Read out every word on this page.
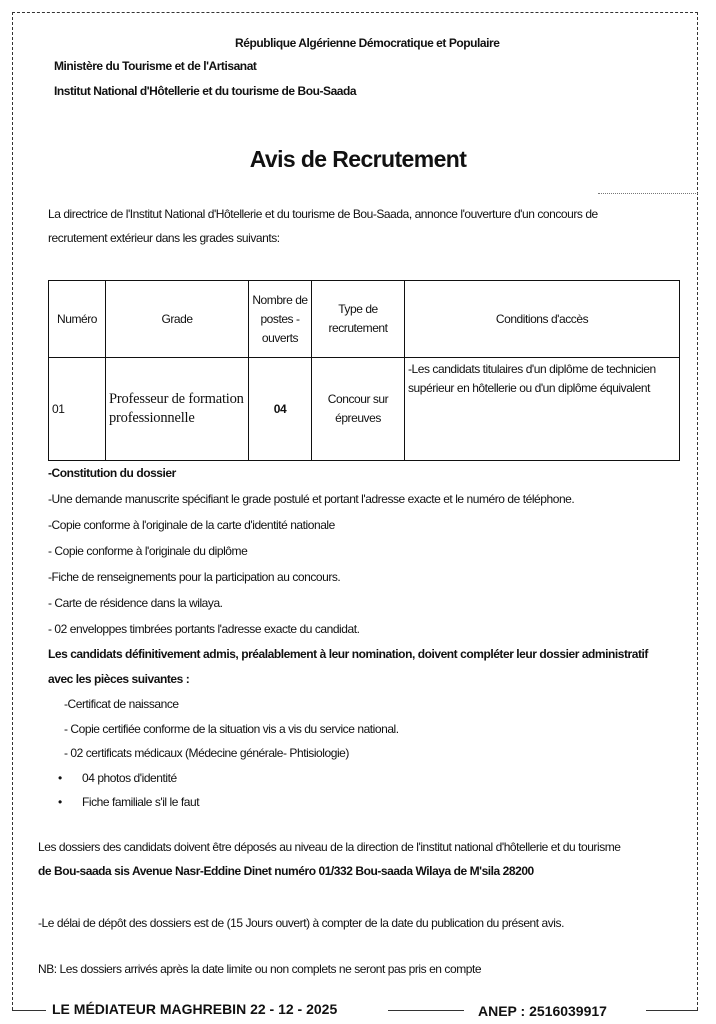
République Algérienne Démocratique et Populaire
Ministère du Tourisme et de l'Artisanat
Institut National d'Hôtellerie et du tourisme de Bou-Saada
Avis de Recrutement
La directrice de l'Institut National d'Hôtellerie et du tourisme de Bou-Saada, annonce l'ouverture d'un concours de
recrutement extérieur dans les grades suivants:
Numéro	Grade	Nombre de postes -ouverts	Type de recrutement	Conditions d'accès
01	Professeur de formation professionnelle	04	Concour sur épreuves	-Les candidats titulaires d'un diplôme de technicien supérieur en hôtellerie ou d'un diplôme équivalent
-Constitution du dossier
-Une demande manuscrite spécifiant le grade postulé et portant l'adresse exacte et le numéro de téléphone.
-Copie conforme à l'originale de la carte d'identité nationale
- Copie conforme à l'originale du diplôme
-Fiche de renseignements pour la participation au concours.
- Carte de résidence dans la wilaya.
- 02 enveloppes timbrées portants l'adresse exacte du candidat.
Les candidats définitivement admis, préalablement à leur nomination, doivent compléter leur dossier administratif
avec les pièces suivantes :
-Certificat de naissance
- Copie certifiée conforme de la situation vis a vis du service national.
- 02 certificats médicaux (Médecine générale- Phtisiologie)
• 04 photos d'identité
• Fiche familiale s'il le faut
Les dossiers des candidats doivent être déposés au niveau de la direction de l'institut national d'hôtellerie et du tourisme
de Bou-saada sis Avenue Nasr-Eddine Dinet numéro 01/332 Bou-saada Wilaya de M'sila 28200
-Le délai de dépôt des dossiers est de (15 Jours ouvert) à compter de la date du publication du présent avis.
NB: Les dossiers arrivés après la date limite ou non complets ne seront pas pris en compte
LE MÉDIATEUR MAGHREBIN 22 - 12 - 2025	ANEP : 2516039917
